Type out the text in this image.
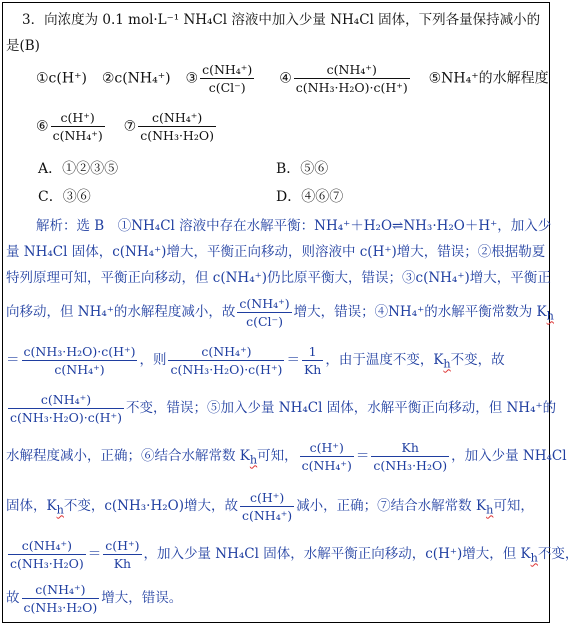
3．向浓度为 0.1 mol·L⁻¹ NH₄Cl 溶液中加入少量 NH₄Cl 固体，下列各量保持减小的
是(B)
①c(H⁺) ②c(NH₄⁺) ③ $\frac{\text{c(NH₄⁺)}}{c(Cl^-)}$ ④ $\frac{\text{c(NH₄⁺)}}{\text{c(NH₃·H₂O)·c(H⁺)}}$ ⑤NH₄⁺的水解程度
⑥ $\frac{c(H^+)}{\text{c(NH₄⁺)}}$ ⑦ $\frac{\text{c(NH₄⁺)}}{\text{c(NH₃·H₂O)}}$
A．①②③⑤	B．⑤⑥
C．③⑥	D．④⑥⑦
解析：选 B　①NH₄Cl 溶液中存在水解平衡：NH₄⁺＋H₂O⇌NH₃·H₂O＋H⁺，加入少
量 NH₄Cl 固体，c(NH₄⁺)增大，平衡正向移动，则溶液中 c(H⁺)增大，错误；②根据勒夏
特列原理可知，平衡正向移动，但 c(NH₄⁺)仍比原平衡大，错误；③c(NH₄⁺)增大，平衡正
向移动，但 NH₄⁺的水解程度减小，故 $\frac{\text{c(NH₄⁺)}}{c(Cl^-)}$ 增大，错误；④NH₄⁺的水解平衡常数为 $K_h$
＝ $\frac{\text{c(NH₃·H₂O)·c(H⁺)}}{\text{c(NH₄⁺)}}$ ，则 $\frac{\text{c(NH₄⁺)}}{\text{c(NH₃·H₂O)·c(H⁺)}} = \frac{1}{Kh}$ ，由于温度不变，$K_h$不变，故
$\frac{\text{c(NH₄⁺)}}{\text{c(NH₃·H₂O)·c(H⁺)}}$ 不变，错误；⑤加入少量 NH₄Cl 固体，水解平衡正向移动，但 NH₄⁺的
水解程度减小，正确；⑥结合水解常数 $K_h$可知， $\frac{c(H^+)}{\text{c(NH₄⁺)}} = \frac{Kh}{\text{c(NH₃·H₂O)}}$ ，加入少量 NH₄Cl
固体，$K_h$不变，c(NH₃·H₂O)增大，故 $\frac{c(H^+)}{\text{c(NH₄⁺)}}$ 减小，正确；⑦结合水解常数 $K_h$可知，
$\frac{\text{c(NH₄⁺)}}{\text{c(NH₃·H₂O)}} = \frac{c(H^+)}{Kh}$ ，加入少量 NH₄Cl 固体，水解平衡正向移动，c(H⁺)增大，但 $K_h$不变，
故 $\frac{\text{c(NH₄⁺)}}{\text{c(NH₃·H₂O)}}$ 增大，错误。
